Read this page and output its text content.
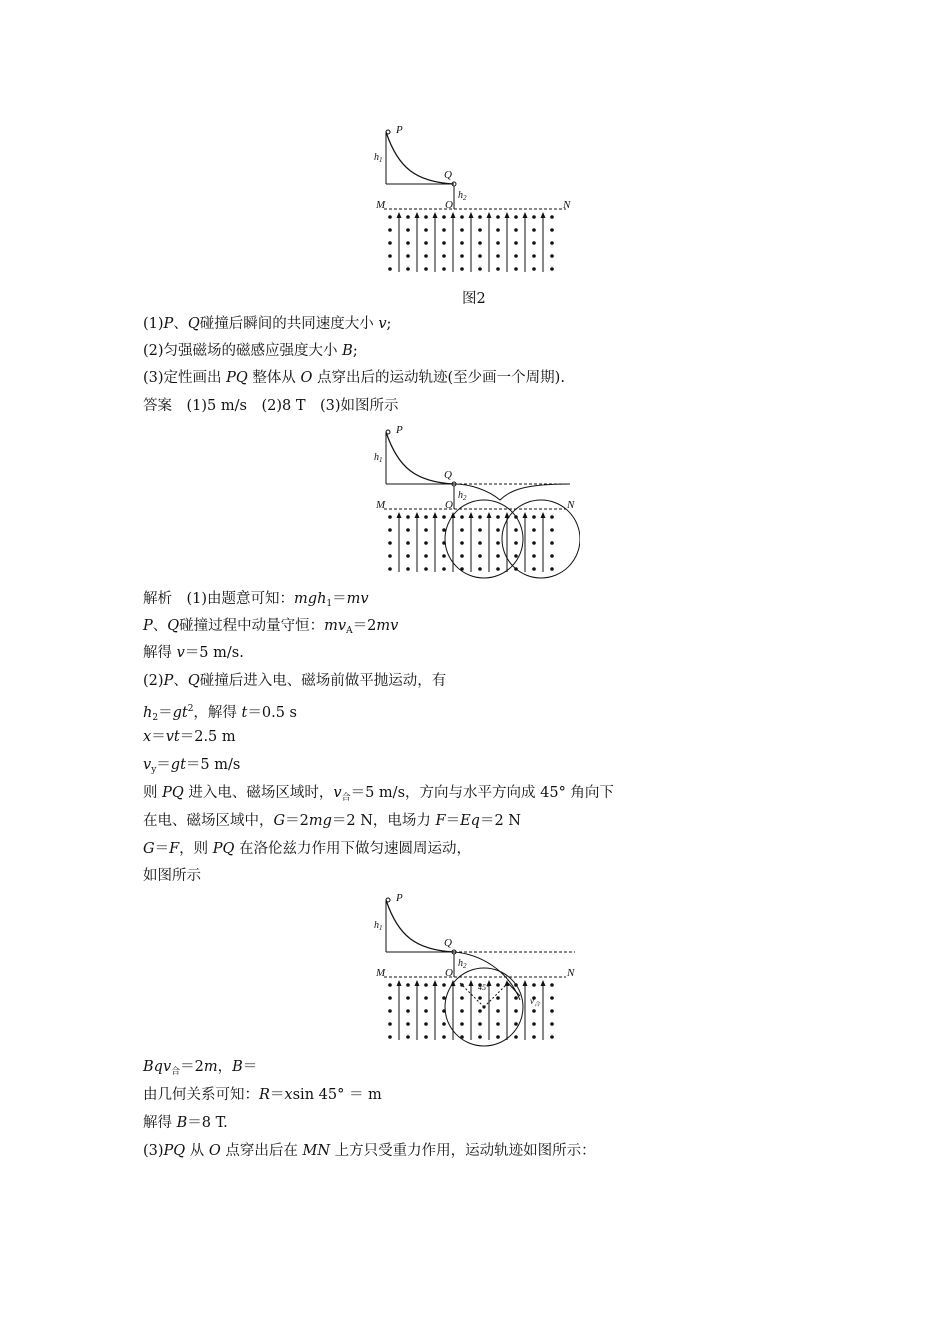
P
Q
M	N
O
$h_1$
$h_2$
图2
(1)P、Q碰撞后瞬间的共同速度大小 v;
(2)匀强磁场的磁感应强度大小 B;
(3)定性画出 PQ 整体从 O 点穿出后的运动轨迹(至少画一个周期).
答案　(1)5 m/s　(2)8 T　(3)如图所示
P
Q
M	N
O
$h_1$
$h_2$
解析　(1)由题意可知：mgh$_1$＝mv
P、Q碰撞过程中动量守恒：$mv_A=2mv$
解得 v＝5 m/s.
(2)P、Q碰撞后进入电、磁场前做平抛运动，有
$h_2=gt^2$，解得 t＝0.5 s
x＝vt＝2.5 m
$v_y=gt=5$ m/s
则 PQ 进入电、磁场区域时，$v_合=5$ m/s，方向与水平方向成 45° 角向下
在电、磁场区域中，G＝2mg＝2 N，电场力 F＝Eq＝2 N
G＝F，则 PQ 在洛伦兹力作用下做匀速圆周运动，
如图所示
45°
$v_合$
P
Q
M	N
O
$h_1$
$h_2$
Bqv$_合$＝2m，B＝
由几何关系可知：R＝xsin 45° ＝ m
解得 B＝8 T.
(3)PQ 从 O 点穿出后在 MN 上方只受重力作用，运动轨迹如图所示：
